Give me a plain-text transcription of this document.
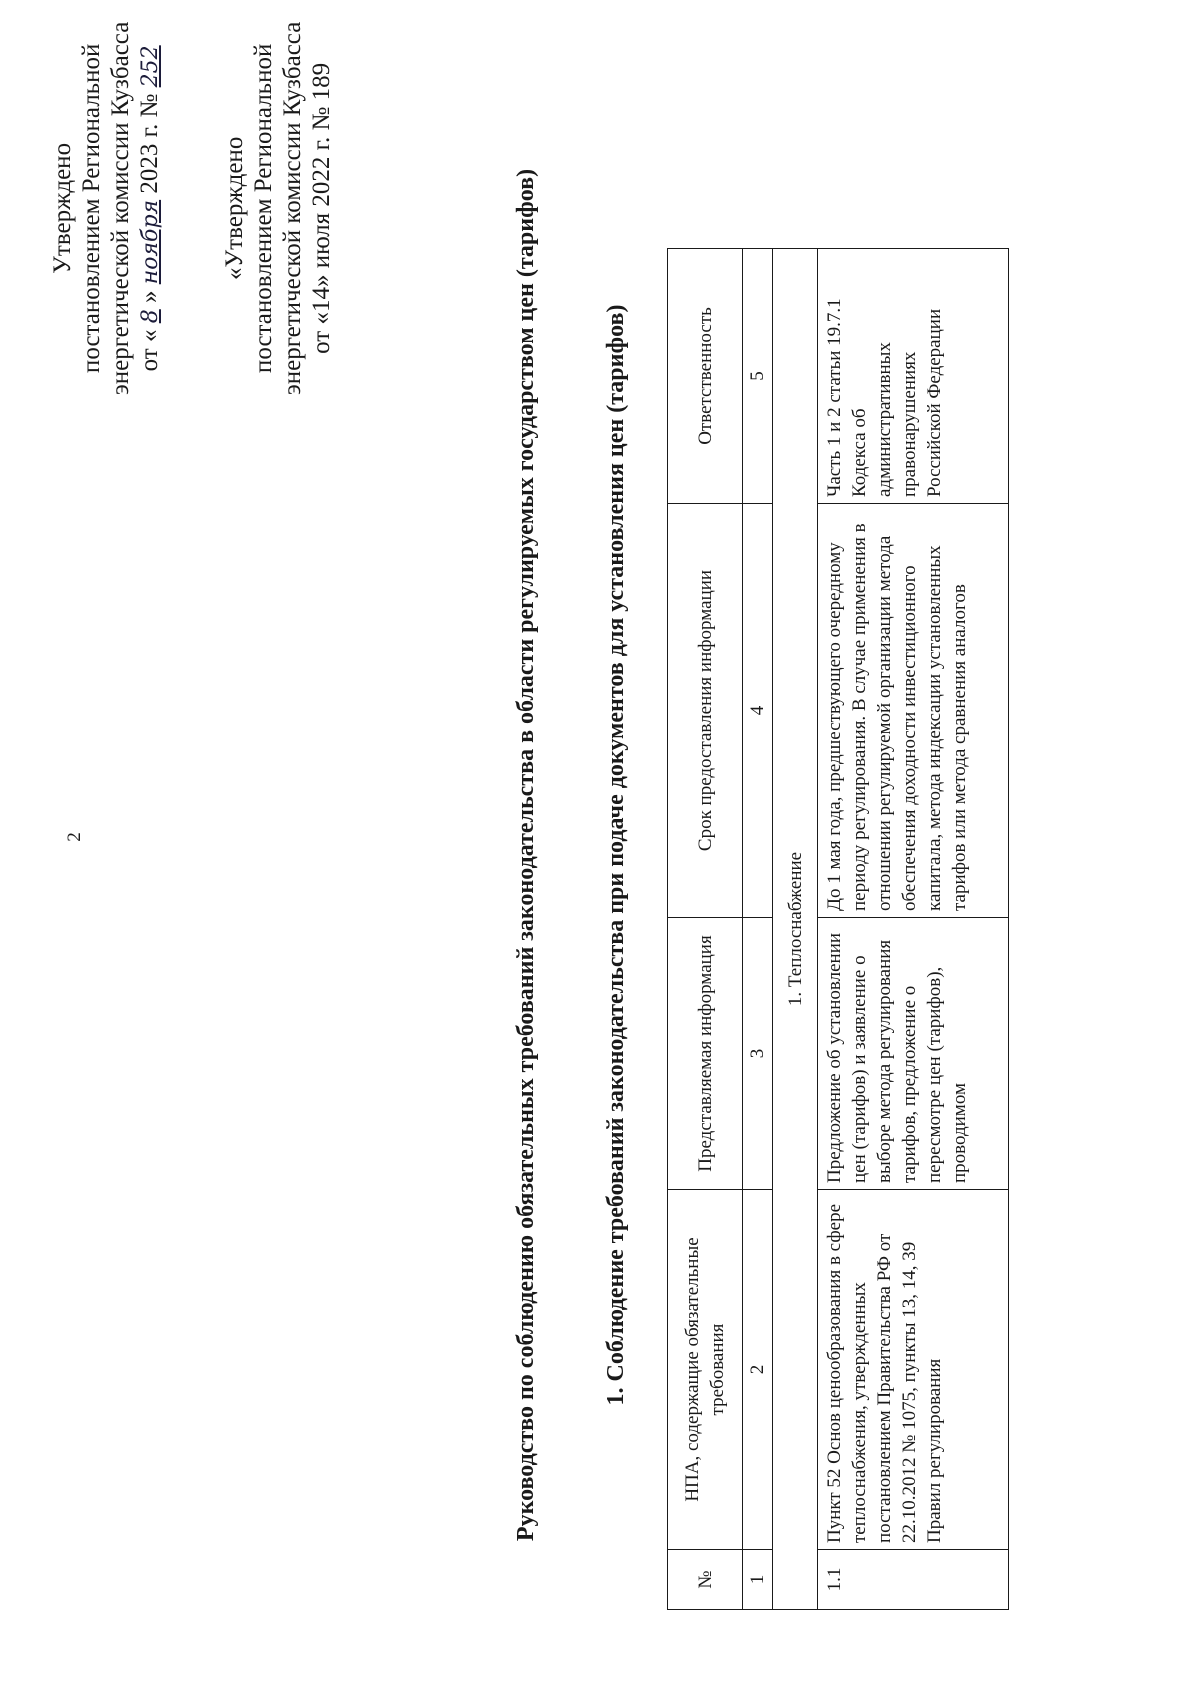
2
Утверждено постановлением Региональной энергетической комиссии Кузбасса от « 8 » ноября 2023 г. № 252
«Утверждено постановлением Региональной энергетической комиссии Кузбасса от «14» июля 2022 г. № 189	Руководство по соблюдению обязательных требований законодательства в области регулируемых государством цен (тарифов)	1. Соблюдение требований законодательства при подаче документов для установления цен (тарифов)
№	НПА, содержащие обязательные требования	Представляемая информация	Срок предоставления информации	Ответственность
1	2	3	4	5
1. Теплоснабжение				
1.1	Пункт 52 Основ ценообразования в сфере теплоснабжения, утвержденных постановлением Правительства РФ от 22.10.2012 № 1075, пункты 13, 14, 39 Правил регулирования	Предложение об установлении цен (тарифов) и заявление о выборе метода регулирования тарифов, предложение о пересмотре цен (тарифов), проводимом	До 1 мая года, предшествующего очередному периоду регулирования. В случае применения в отношении регулируемой организации метода обеспечения доходности инвестиционного капитала, метода индексации установленных тарифов или метода сравнения аналогов	Часть 1 и 2 статьи 19.7.1 Кодекса об административных правонарушениях Российской Федерации
